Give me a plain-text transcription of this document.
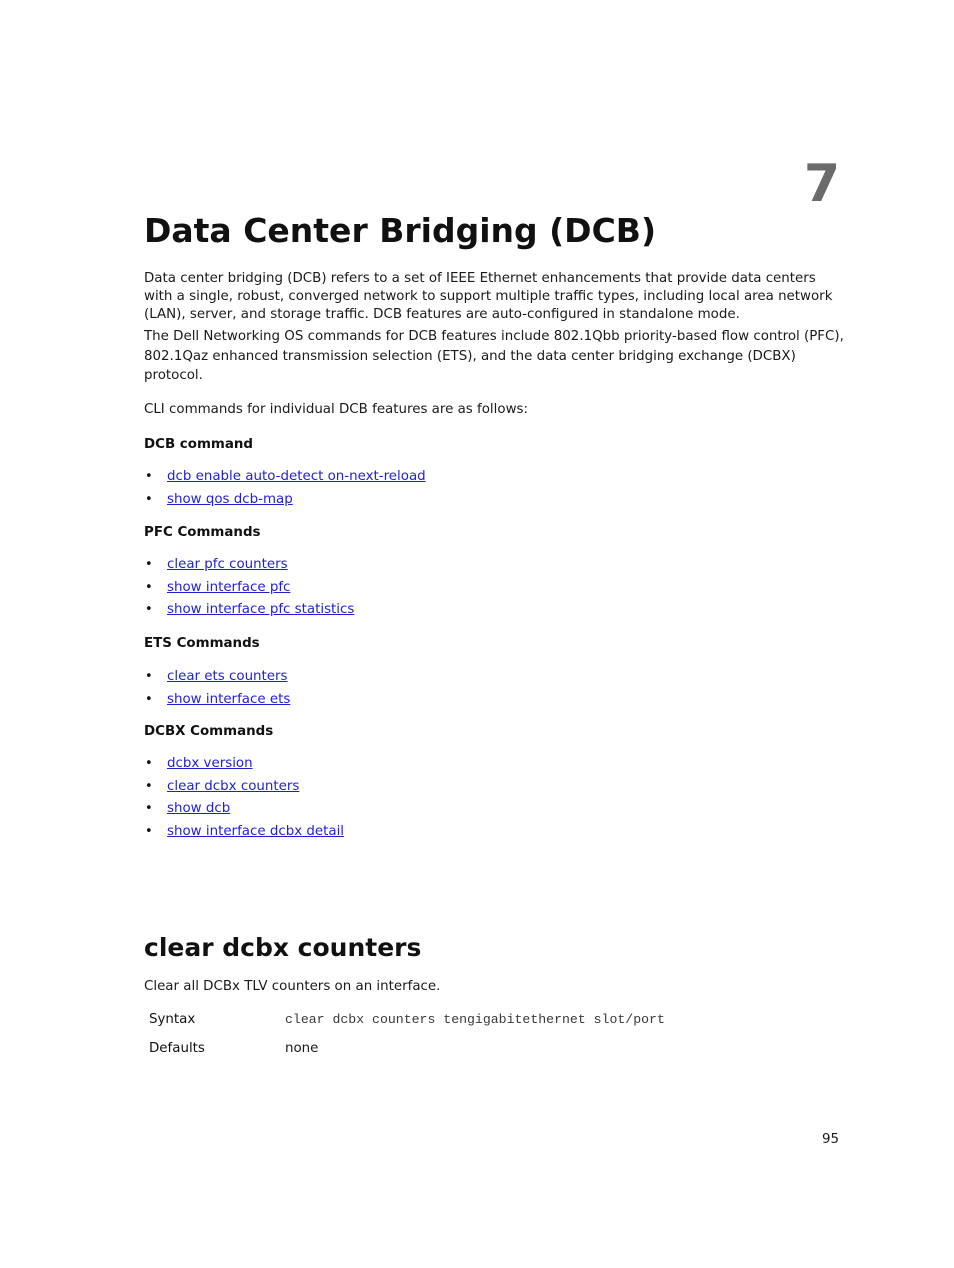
7
Data Center Bridging (DCB)

Data center bridging (DCB) refers to a set of IEEE Ethernet enhancements that provide data centers with a single, robust, converged network to support multiple traffic types, including local area network (LAN), server, and storage traffic. DCB features are auto-configured in standalone mode.

The Dell Networking OS commands for DCB features include 802.1Qbb priority-based flow control (PFC), 802.1Qaz enhanced transmission selection (ETS), and the data center bridging exchange (DCBX) protocol.

CLI commands for individual DCB features are as follows:

DCB command
• dcb enable auto-detect on-next-reload
• show qos dcb-map
PFC Commands
• clear pfc counters
• show interface pfc
• show interface pfc statistics
ETS Commands
• clear ets counters
• show interface ets
DCBX Commands
• dcbx version
• clear dcbx counters
• show dcb
• show interface dcbx detail
clear dcbx counters

Clear all DCBx TLV counters on an interface.

Syntax	clear dcbx counters tengigabitethernet slot/port
Defaults	none
95
